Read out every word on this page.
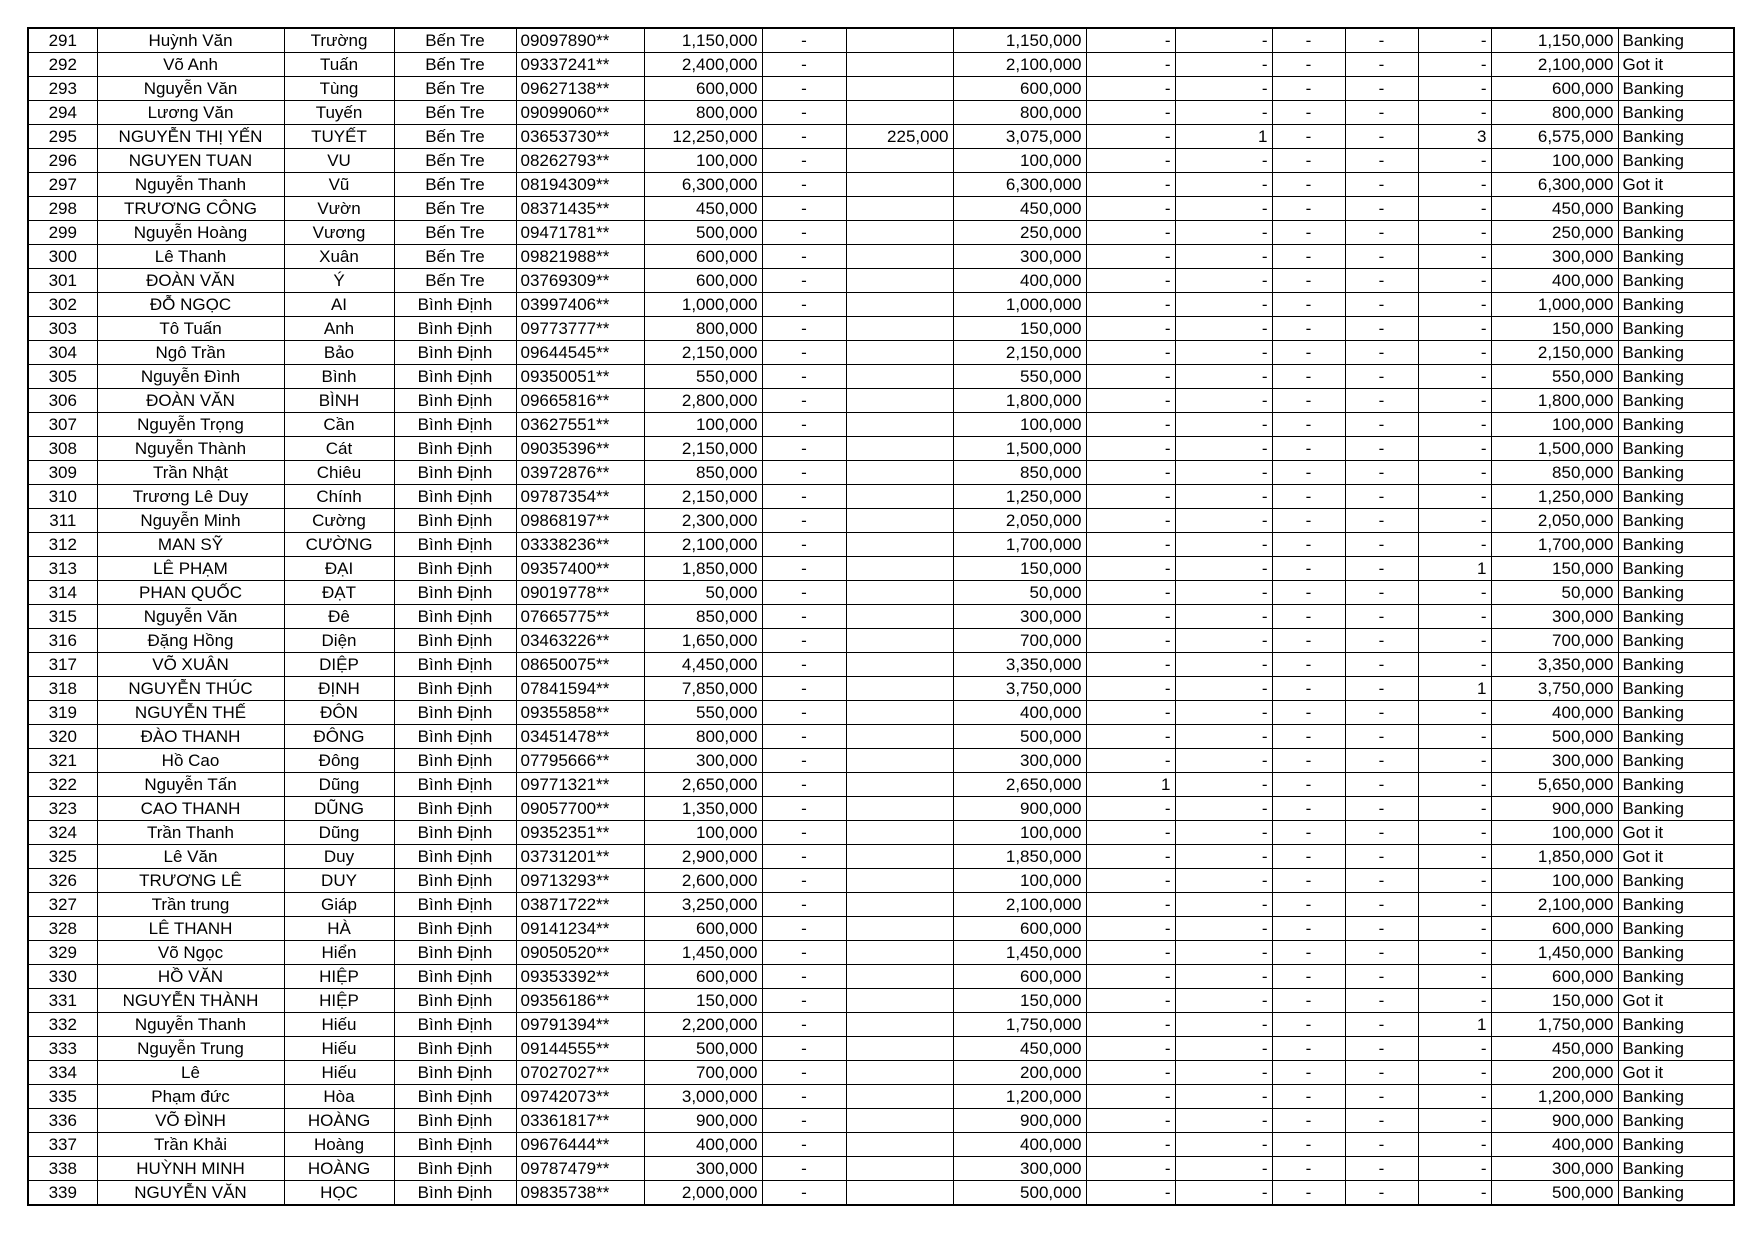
291	Huỳnh Văn	Trường	Bến Tre	09097890**	1,150,000	-		1,150,000	-	-	-	-	-	1,150,000	Banking
292	Võ Anh	Tuấn	Bến Tre	09337241**	2,400,000	-		2,100,000	-	-	-	-	-	2,100,000	Got it
293	Nguyễn Văn	Tùng	Bến Tre	09627138**	600,000	-		600,000	-	-	-	-	-	600,000	Banking
294	Lương Văn	Tuyến	Bến Tre	09099060**	800,000	-		800,000	-	-	-	-	-	800,000	Banking
295	NGUYỄN THỊ YẾN	TUYẾT	Bến Tre	03653730**	12,250,000	-	225,000	3,075,000	-	1	-	-	3	6,575,000	Banking
296	NGUYEN TUAN	VU	Bến Tre	08262793**	100,000	-		100,000	-	-	-	-	-	100,000	Banking
297	Nguyễn Thanh	Vũ	Bến Tre	08194309**	6,300,000	-		6,300,000	-	-	-	-	-	6,300,000	Got it
298	TRƯƠNG CÔNG	Vườn	Bến Tre	08371435**	450,000	-		450,000	-	-	-	-	-	450,000	Banking
299	Nguyễn Hoàng	Vương	Bến Tre	09471781**	500,000	-		250,000	-	-	-	-	-	250,000	Banking
300	Lê Thanh	Xuân	Bến Tre	09821988**	600,000	-		300,000	-	-	-	-	-	300,000	Banking
301	ĐOÀN VĂN	Ý	Bến Tre	03769309**	600,000	-		400,000	-	-	-	-	-	400,000	Banking
302	ĐỖ NGỌC	AI	Bình Định	03997406**	1,000,000	-		1,000,000	-	-	-	-	-	1,000,000	Banking
303	Tô Tuấn	Anh	Bình Định	09773777**	800,000	-		150,000	-	-	-	-	-	150,000	Banking
304	Ngô Trần	Bảo	Bình Định	09644545**	2,150,000	-		2,150,000	-	-	-	-	-	2,150,000	Banking
305	Nguyễn Đình	Bình	Bình Định	09350051**	550,000	-		550,000	-	-	-	-	-	550,000	Banking
306	ĐOÀN VĂN	BÌNH	Bình Định	09665816**	2,800,000	-		1,800,000	-	-	-	-	-	1,800,000	Banking
307	Nguyễn Trọng	Cần	Bình Định	03627551**	100,000	-		100,000	-	-	-	-	-	100,000	Banking
308	Nguyễn Thành	Cát	Bình Định	09035396**	2,150,000	-		1,500,000	-	-	-	-	-	1,500,000	Banking
309	Trần Nhật	Chiêu	Bình Định	03972876**	850,000	-		850,000	-	-	-	-	-	850,000	Banking
310	Trương Lê Duy	Chính	Bình Định	09787354**	2,150,000	-		1,250,000	-	-	-	-	-	1,250,000	Banking
311	Nguyễn Minh	Cường	Bình Định	09868197**	2,300,000	-		2,050,000	-	-	-	-	-	2,050,000	Banking
312	MAN SỸ	CƯỜNG	Bình Định	03338236**	2,100,000	-		1,700,000	-	-	-	-	-	1,700,000	Banking
313	LÊ PHẠM	ĐẠI	Bình Định	09357400**	1,850,000	-		150,000	-	-	-	-	1	150,000	Banking
314	PHAN QUỐC	ĐẠT	Bình Định	09019778**	50,000	-		50,000	-	-	-	-	-	50,000	Banking
315	Nguyễn Văn	Đê	Bình Định	07665775**	850,000	-		300,000	-	-	-	-	-	300,000	Banking
316	Đặng Hồng	Diện	Bình Định	03463226**	1,650,000	-		700,000	-	-	-	-	-	700,000	Banking
317	VÕ XUÂN	DIỆP	Bình Định	08650075**	4,450,000	-		3,350,000	-	-	-	-	-	3,350,000	Banking
318	NGUYỄN THÚC	ĐỊNH	Bình Định	07841594**	7,850,000	-		3,750,000	-	-	-	-	1	3,750,000	Banking
319	NGUYỄN THẾ	ĐÔN	Bình Định	09355858**	550,000	-		400,000	-	-	-	-	-	400,000	Banking
320	ĐÀO THANH	ĐÔNG	Bình Định	03451478**	800,000	-		500,000	-	-	-	-	-	500,000	Banking
321	Hồ Cao	Đông	Bình Định	07795666**	300,000	-		300,000	-	-	-	-	-	300,000	Banking
322	Nguyễn Tấn	Dũng	Bình Định	09771321**	2,650,000	-		2,650,000	1	-	-	-	-	5,650,000	Banking
323	CAO THANH	DŨNG	Bình Định	09057700**	1,350,000	-		900,000	-	-	-	-	-	900,000	Banking
324	Trần Thanh	Dũng	Bình Định	09352351**	100,000	-		100,000	-	-	-	-	-	100,000	Got it
325	Lê Văn	Duy	Bình Định	03731201**	2,900,000	-		1,850,000	-	-	-	-	-	1,850,000	Got it
326	TRƯƠNG LÊ	DUY	Bình Định	09713293**	2,600,000	-		100,000	-	-	-	-	-	100,000	Banking
327	Trần trung	Giáp	Bình Định	03871722**	3,250,000	-		2,100,000	-	-	-	-	-	2,100,000	Banking
328	LÊ THANH	HÀ	Bình Định	09141234**	600,000	-		600,000	-	-	-	-	-	600,000	Banking
329	Võ Ngọc	Hiển	Bình Định	09050520**	1,450,000	-		1,450,000	-	-	-	-	-	1,450,000	Banking
330	HỒ VĂN	HIỆP	Bình Định	09353392**	600,000	-		600,000	-	-	-	-	-	600,000	Banking
331	NGUYỄN THÀNH	HIỆP	Bình Định	09356186**	150,000	-		150,000	-	-	-	-	-	150,000	Got it
332	Nguyễn Thanh	Hiếu	Bình Định	09791394**	2,200,000	-		1,750,000	-	-	-	-	1	1,750,000	Banking
333	Nguyễn Trung	Hiếu	Bình Định	09144555**	500,000	-		450,000	-	-	-	-	-	450,000	Banking
334	Lê	Hiếu	Bình Định	07027027**	700,000	-		200,000	-	-	-	-	-	200,000	Got it
335	Phạm đức	Hòa	Bình Định	09742073**	3,000,000	-		1,200,000	-	-	-	-	-	1,200,000	Banking
336	VÕ ĐÌNH	HOÀNG	Bình Định	03361817**	900,000	-		900,000	-	-	-	-	-	900,000	Banking
337	Trần Khải	Hoàng	Bình Định	09676444**	400,000	-		400,000	-	-	-	-	-	400,000	Banking
338	HUỲNH MINH	HOÀNG	Bình Định	09787479**	300,000	-		300,000	-	-	-	-	-	300,000	Banking
339	NGUYỄN VĂN	HỌC	Bình Định	09835738**	2,000,000	-		500,000	-	-	-	-	-	500,000	Banking
